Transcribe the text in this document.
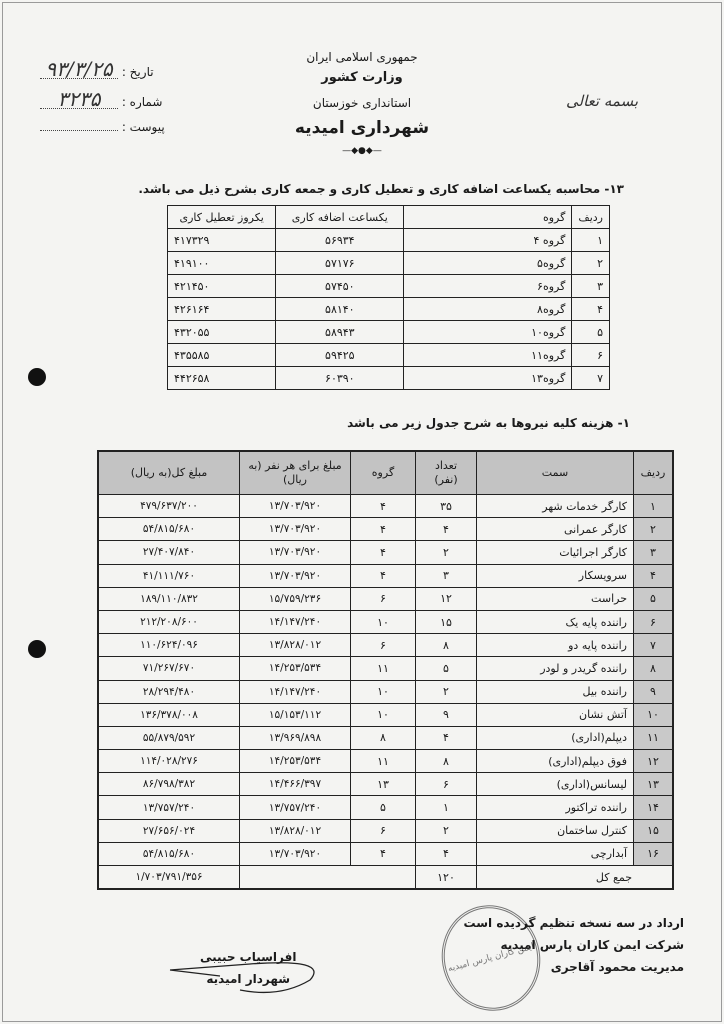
بسمه تعالی
جمهوری اسلامی ایران
وزارت کشور
استانداری خوزستان
شهرداری امیدیه
—◆●◆—
تاریخ : ۹۳/۳/۲۵
شماره : ۳۲۳۵
پیوست :
۱۳- محاسبه یکساعت اضافه کاری و تعطیل کاری و جمعه کاری بشرح ذیل می باشد.
ردیف	گروه	یکساعت اضافه کاری	یکروز تعطیل کاری
۱	گروه ۴	۵۶۹۳۴	۴۱۷۳۲۹
۲	گروه۵	۵۷۱۷۶	۴۱۹۱۰۰
۳	گروه۶	۵۷۴۵۰	۴۲۱۴۵۰
۴	گروه۸	۵۸۱۴۰	۴۲۶۱۶۴
۵	گروه۱۰	۵۸۹۴۳	۴۳۲۰۵۵
۶	گروه۱۱	۵۹۴۲۵	۴۳۵۵۸۵
۷	گروه۱۳	۶۰۳۹۰	۴۴۲۶۵۸
۱- هزینه کلیه نیروها به شرح جدول زیر می باشد
ردیف	سمت	تعداد (نفر)	گروه	مبلغ برای هر نفر (به ریال)	مبلغ کل(به ریال)
۱	کارگر خدمات شهر	۳۵	۴	۱۳/۷۰۳/۹۲۰	۴۷۹/۶۳۷/۲۰۰
۲	کارگر عمرانی	۴	۴	۱۳/۷۰۳/۹۲۰	۵۴/۸۱۵/۶۸۰
۳	کارگر اجرائیات	۲	۴	۱۳/۷۰۳/۹۲۰	۲۷/۴۰۷/۸۴۰
۴	سرویسکار	۳	۴	۱۳/۷۰۳/۹۲۰	۴۱/۱۱۱/۷۶۰
۵	حراست	۱۲	۶	۱۵/۷۵۹/۲۳۶	۱۸۹/۱۱۰/۸۳۲
۶	راننده پایه یک	۱۵	۱۰	۱۴/۱۴۷/۲۴۰	۲۱۲/۲۰۸/۶۰۰
۷	راننده پایه دو	۸	۶	۱۳/۸۲۸/۰۱۲	۱۱۰/۶۲۴/۰۹۶
۸	راننده گریدر و لودر	۵	۱۱	۱۴/۲۵۳/۵۳۴	۷۱/۲۶۷/۶۷۰
۹	راننده بیل	۲	۱۰	۱۴/۱۴۷/۲۴۰	۲۸/۲۹۴/۴۸۰
۱۰	آتش نشان	۹	۱۰	۱۵/۱۵۳/۱۱۲	۱۳۶/۳۷۸/۰۰۸
۱۱	دیپلم(اداری)	۴	۸	۱۳/۹۶۹/۸۹۸	۵۵/۸۷۹/۵۹۲
۱۲	فوق دیپلم(اداری)	۸	۱۱	۱۴/۲۵۳/۵۳۴	۱۱۴/۰۲۸/۲۷۶
۱۳	لیسانس(اداری)	۶	۱۳	۱۴/۴۶۶/۳۹۷	۸۶/۷۹۸/۳۸۲
۱۴	راننده تراکتور	۱	۵	۱۳/۷۵۷/۲۴۰	۱۳/۷۵۷/۲۴۰
۱۵	کنترل ساختمان	۲	۶	۱۳/۸۲۸/۰۱۲	۲۷/۶۵۶/۰۲۴
۱۶	آبدارچی	۴	۴	۱۳/۷۰۳/۹۲۰	۵۴/۸۱۵/۶۸۰
جمع کل		۱۲۰			۱/۷۰۳/۷۹۱/۳۵۶
ایمن کاران پارس امیدیه
ارداد در سه نسخه تنظیم گردیده است
شرکت ایمن کاران پارس امیدیه
مدیریت محمود آقاجری
افراسیاب حبیبی
شهردار امیدیه
